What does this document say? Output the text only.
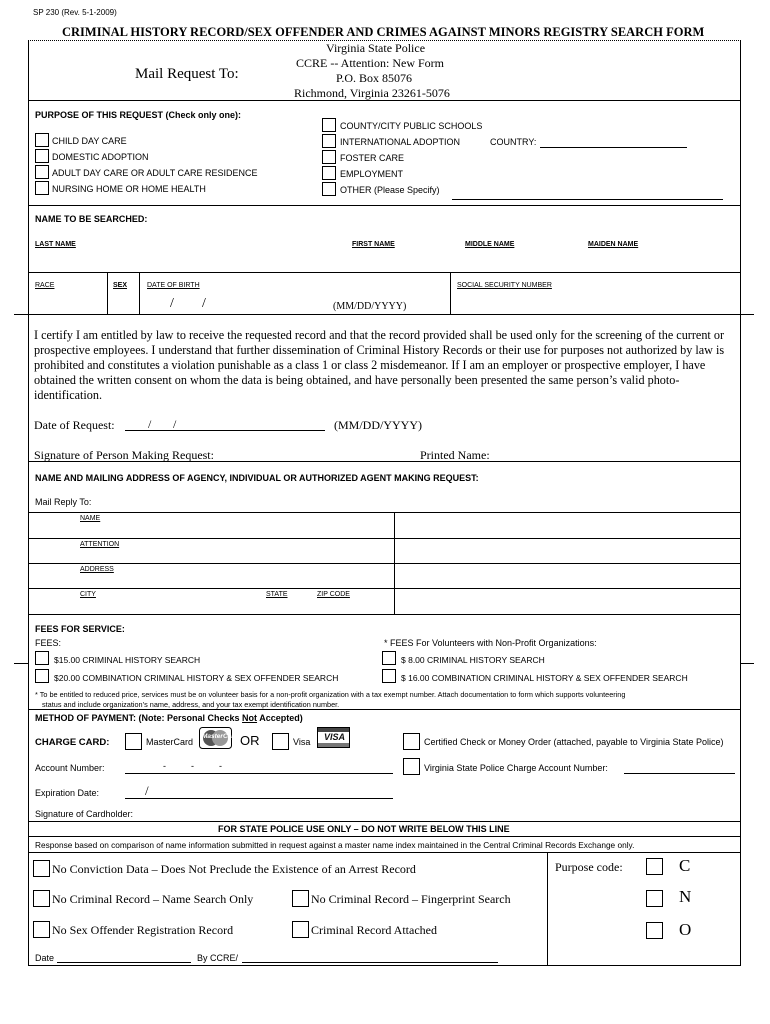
SP 230 (Rev. 5-1-2009)
CRIMINAL HISTORY RECORD/SEX OFFENDER AND CRIMES AGAINST MINORS REGISTRY SEARCH FORM
Mail Request To:
Virginia State Police
CCRE -- Attention: New Form
P.O. Box 85076
Richmond, Virginia 23261-5076
PURPOSE OF THIS REQUEST (Check only one):
CHILD DAY CARE
DOMESTIC ADOPTION
ADULT DAY CARE OR ADULT CARE RESIDENCE
NURSING HOME OR HOME HEALTH
COUNTY/CITY PUBLIC SCHOOLS
INTERNATIONAL ADOPTION	COUNTRY:
FOSTER CARE
EMPLOYMENT
OTHER (Please Specify)
NAME TO BE SEARCHED:
LAST NAME	FIRST NAME	MIDDLE NAME	MAIDEN NAME
RACE	SEX	DATE OF BIRTH	SOCIAL SECURITY NUMBER
/ /	(MM/DD/YYYY)
I certify I am entitled by law to receive the requested record and that the record provided shall be used only for the screening of the current or prospective employees. I understand that further dissemination of Criminal History Records or their use for purposes not authorized by law is prohibited and constitutes a violation punishable as a class 1 or class 2 misdemeanor. If I am an employer or prospective employer, I have obtained the written consent on whom the data is being obtained, and have personally been presented the same person’s valid photo-identification.
Date of Request:	/ /	(MM/DD/YYYY)
Signature of Person Making Request:	Printed Name:
NAME AND MAILING ADDRESS OF AGENCY, INDIVIDUAL OR AUTHORIZED AGENT MAKING REQUEST:
Mail Reply To:
NAME
ATTENTION
ADDRESS
CITY	STATE	ZIP CODE
FEES FOR SERVICE:
FEES:	* FEES For Volunteers with Non-Profit Organizations:
$15.00 CRIMINAL HISTORY SEARCH
$20.00 COMBINATION CRIMINAL HISTORY & SEX OFFENDER SEARCH
$ 8.00 CRIMINAL HISTORY SEARCH
$ 16.00 COMBINATION CRIMINAL HISTORY & SEX OFFENDER SEARCH
* To be entitled to reduced price, services must be on volunteer basis for a non-profit organization with a tax exempt number. Attach documentation to form which supports volunteering
status and include organization’s name, address, and your tax exempt identification number.
METHOD OF PAYMENT: (Note: Personal Checks Not Accepted)
CHARGE CARD:	MasterCard
MasterCard OR	Visa VISA	Certified Check or Money Order (attached, payable to Virginia State Police)
Account Number:	-          -          -	Virginia State Police Charge Account Number:
Expiration Date:	/
Signature of Cardholder:
FOR STATE POLICE USE ONLY – DO NOT WRITE BELOW THIS LINE
Response based on comparison of name information submitted in request against a master name index maintained in the Central Criminal Records Exchange only.
No Conviction Data – Does Not Preclude the Existence of an Arrest Record
No Criminal Record – Name Search Only	No Criminal Record – Fingerprint Search
No Sex Offender Registration Record	Criminal Record Attached
Purpose code:	C
N
O
Date	By CCRE/
